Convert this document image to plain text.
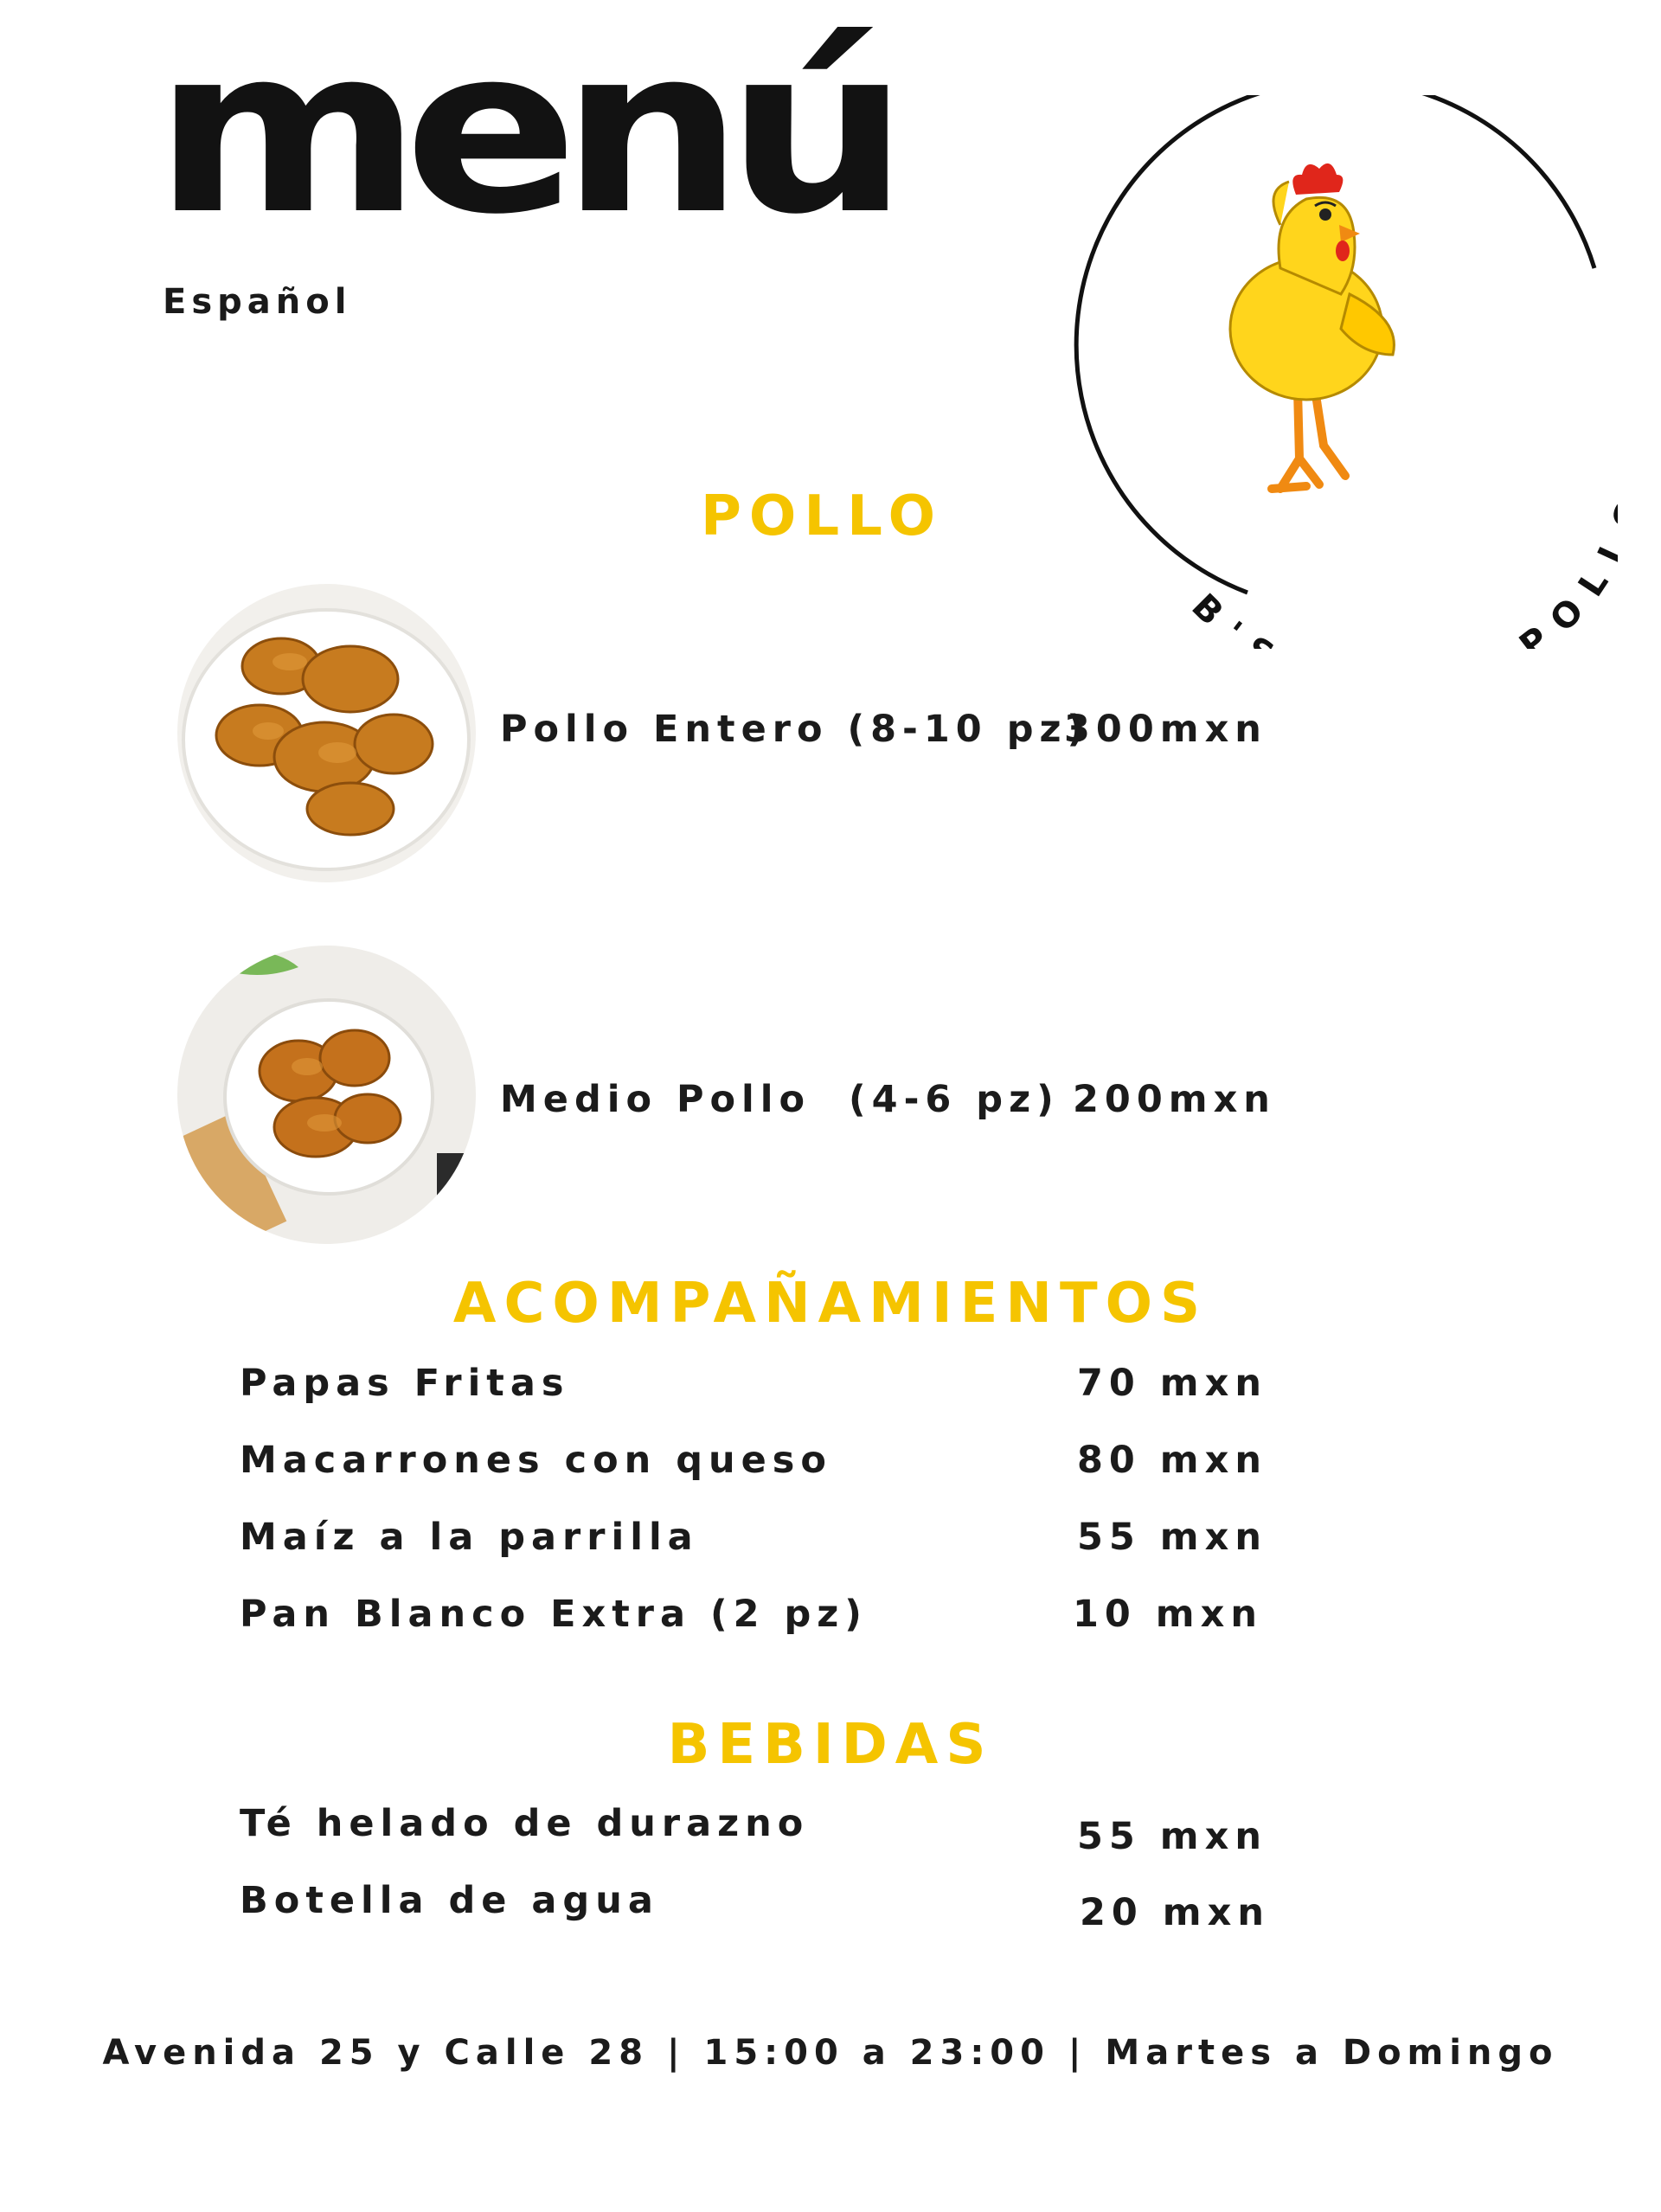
menú
Español
B' PO
POLLO
Pollo Entero (8-10 pz)
300mxn
Medio Pollo  (4-6 pz) 200mxn
ACOMPAÑAMIENTOS
Papas Fritas	70 mxn
Macarrones con queso	80 mxn
Maíz a la parrilla	55 mxn
Pan Blanco Extra (2 pz)	10 mxn
BEBIDAS
Té helado de durazno	55 mxn
Botella de agua	20 mxn
Avenida 25 y Calle 28 | 15:00 a 23:00 | Martes a Domingo
